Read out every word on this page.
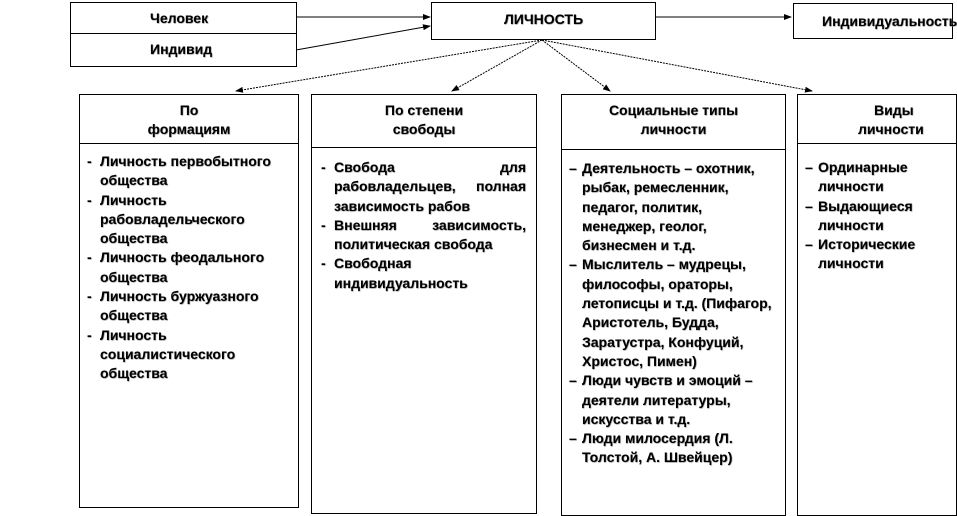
Человек
Индивид
ЛИЧНОСТЬ	Индивидуальность
По
формациям
- Личность первобытного общества
- Личность рабовладельческого общества
- Личность феодального общества
- Личность буржуазного общества
- Личность социалистического общества
По степени
свободы
- Свобода для рабовладельцев, полная зависимость рабов
- Внешняя зависимость, политическая свобода
- Свободная индивидуальность
Социальные типы
личности
– Деятельность – охотник, рыбак, ремесленник, педагог, политик, менеджер, геолог, бизнесмен и т.д.
– Мыслитель – мудрецы, философы, ораторы, летописцы и т.д. (Пифагор, Аристотель, Будда, Заратустра, Конфуций, Христос, Пимен)
– Люди чувств и эмоций – деятели литературы, искусства и т.д.
– Люди милосердия (Л. Толстой, А. Швейцер)
Виды
личности
– Ординарные личности
– Выдающиеся личности
– Исторические личности
